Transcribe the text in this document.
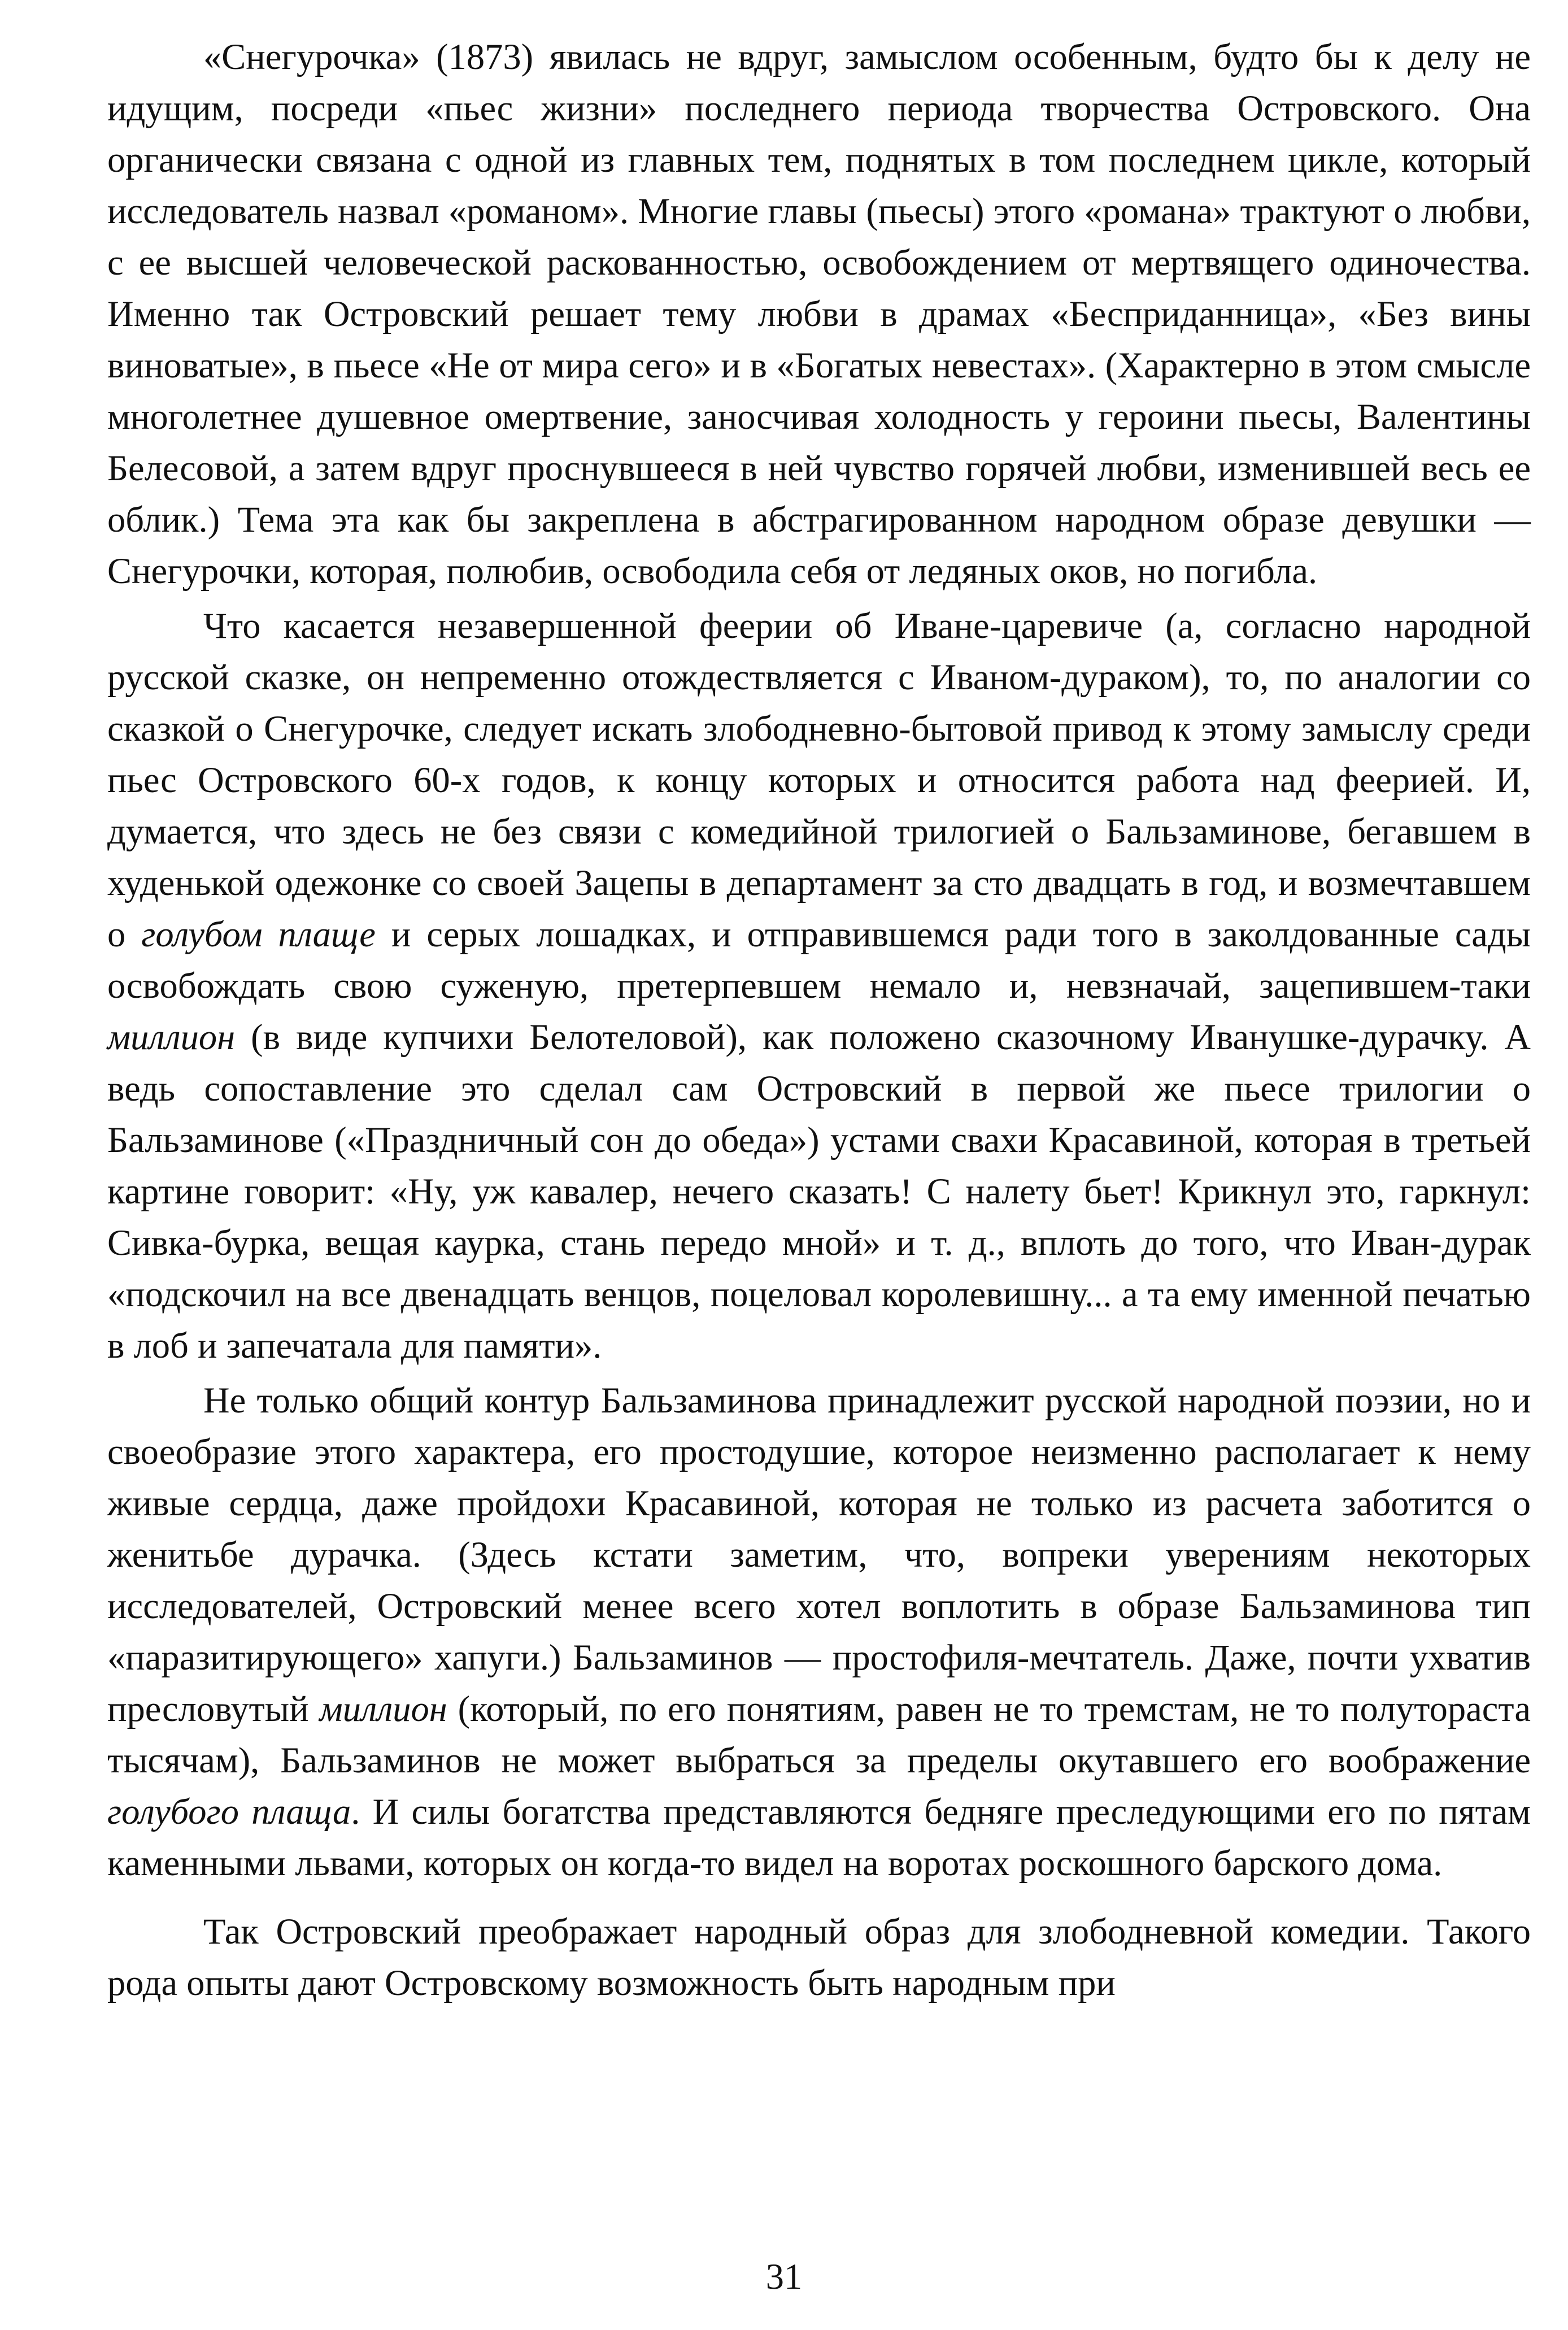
«Снегурочка» (1873) явилась не вдруг, замыслом особенным, будто бы к делу не идущим, посреди «пьес жизни» последнего периода творчества Островского. Она органически связана с одной из главных тем, поднятых в том последнем цикле, который исследователь назвал «романом». Многие главы (пьесы) этого «романа» трактуют о любви, с ее высшей человеческой раскованностью, освобождением от мертвящего одиночества. Именно так Островский решает тему любви в драмах «Бесприданница», «Без вины виноватые», в пьесе «Не от мира сего» и в «Богатых невестах». (Характерно в этом смысле многолетнее душевное омертвение, заносчивая холодность у героини пьесы, Валентины Белесовой, а затем вдруг проснувшееся в ней чувство горячей любви, изменившей весь ее облик.) Тема эта как бы закреплена в абстрагированном народном образе девушки — Снегурочки, которая, полюбив, освободила себя от ледяных оков, но погибла.

Что касается незавершенной феерии об Иване-царевиче (а, согласно народной русской сказке, он непременно отождествляется с Иваном-дураком), то, по аналогии со сказкой о Снегурочке, следует искать злободневно-бытовой привод к этому замыслу среди пьес Островского 60-х годов, к концу которых и относится работа над феерией. И, думается, что здесь не без связи с комедийной трилогией о Бальзаминове, бегавшем в худенькой одежонке со своей Зацепы в департамент за сто двадцать в год, и возмечтавшем о голубом плаще и серых лошадках, и отправившемся ради того в заколдованные сады освобождать свою суженую, претерпевшем немало и, невзначай, зацепившем-таки миллион (в виде купчихи Белотеловой), как положено сказочному Иванушке-дурачку. А ведь сопоставление это сделал сам Островский в первой же пьесе трилогии о Бальзаминове («Праздничный сон до обеда») устами свахи Красавиной, которая в третьей картине говорит: «Ну, уж кавалер, нечего сказать! С налету бьет! Крикнул это, гаркнул: Сивка-бурка, вещая каурка, стань передо мной» и т. д., вплоть до того, что Иван-дурак «подскочил на все двенадцать венцов, поцеловал королевишну... а та ему именной печатью в лоб и запечатала для памяти».

Не только общий контур Бальзаминова принадлежит русской народной поэзии, но и своеобразие этого характера, его простодушие, которое неизменно располагает к нему живые сердца, даже пройдохи Красавиной, которая не только из расчета заботится о женитьбе дурачка. (Здесь кстати заметим, что, вопреки уверениям некоторых исследователей, Островский менее всего хотел воплотить в образе Бальзаминова тип «паразитирующего» хапуги.) Бальзаминов — простофиля-мечтатель. Даже, почти ухватив пресловутый миллион (который, по его понятиям, равен не то тремстам, не то полутораста тысячам), Бальзаминов не может выбраться за пределы окутавшего его воображение голубого плаща. И силы богатства представляются бедняге преследующими его по пятам каменными львами, которых он когда-то видел на воротах роскошного барского дома.

Так Островский преображает народный образ для злободневной комедии. Такого рода опыты дают Островскому возможность быть народным при

31
